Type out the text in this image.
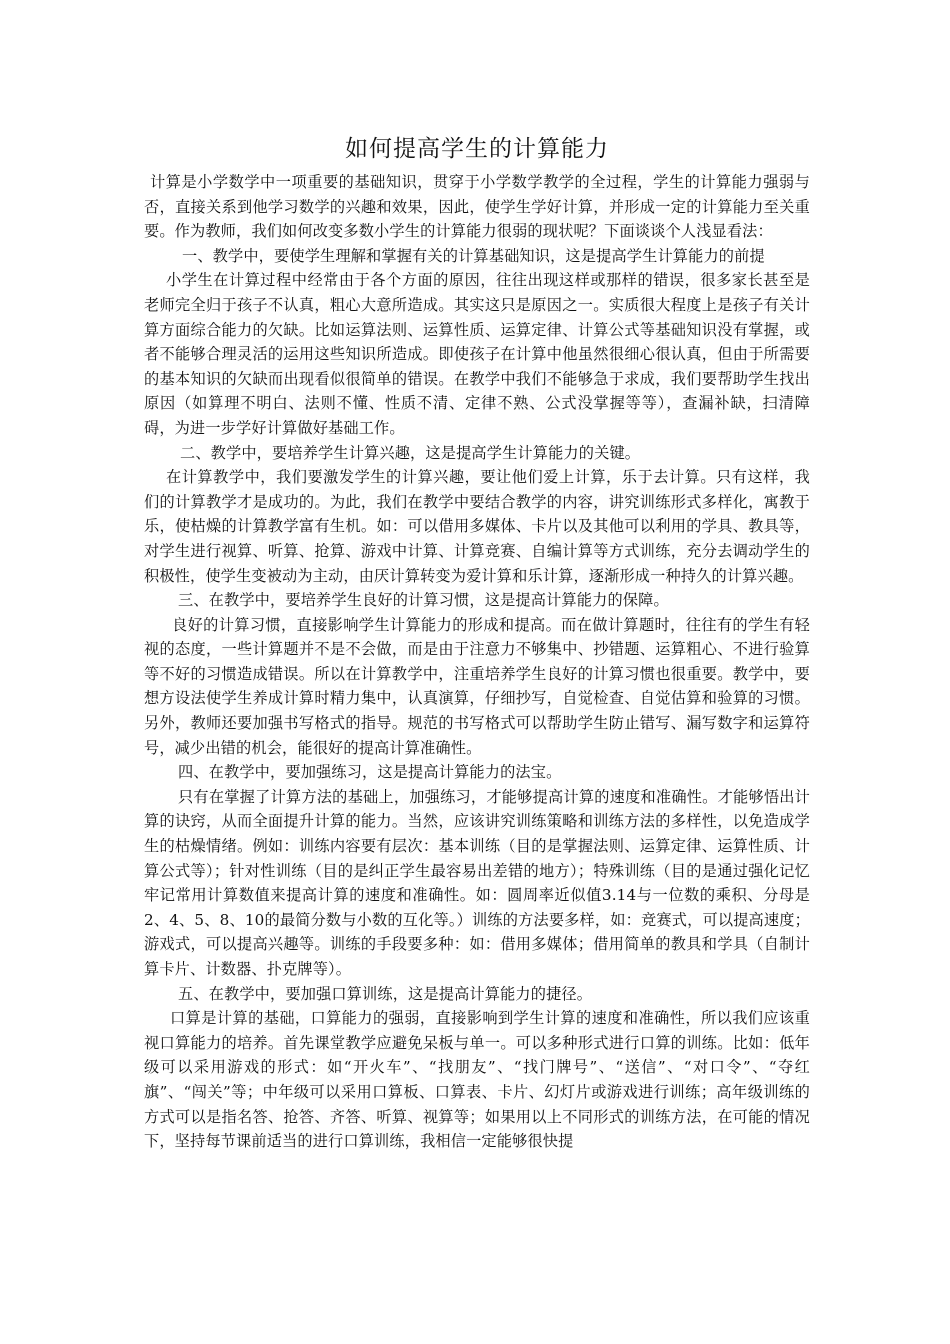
如何提高学生的计算能力

计算是小学数学中一项重要的基础知识，贯穿于小学数学教学的全过程，学生的计算能力强弱与否，直接关系到他学习数学的兴趣和效果，因此，使学生学好计算，并形成一定的计算能力至关重要。作为教师，我们如何改变多数小学生的计算能力很弱的现状呢？下面谈谈个人浅显看法：

一、教学中，要使学生理解和掌握有关的计算基础知识，这是提高学生计算能力的前提

小学生在计算过程中经常由于各个方面的原因，往往出现这样或那样的错误，很多家长甚至是老师完全归于孩子不认真，粗心大意所造成。其实这只是原因之一。实质很大程度上是孩子有关计算方面综合能力的欠缺。比如运算法则、运算性质、运算定律、计算公式等基础知识没有掌握，或者不能够合理灵活的运用这些知识所造成。即使孩子在计算中他虽然很细心很认真，但由于所需要的基本知识的欠缺而出现看似很简单的错误。在教学中我们不能够急于求成，我们要帮助学生找出原因（如算理不明白、法则不懂、性质不清、定律不熟、公式没掌握等等），查漏补缺，扫清障碍，为进一步学好计算做好基础工作。

二、教学中，要培养学生计算兴趣，这是提高学生计算能力的关键。

在计算教学中，我们要激发学生的计算兴趣，要让他们爱上计算，乐于去计算。只有这样，我们的计算教学才是成功的。为此，我们在教学中要结合教学的内容，讲究训练形式多样化，寓教于乐，使枯燥的计算教学富有生机。如：可以借用多媒体、卡片以及其他可以利用的学具、教具等，对学生进行视算、听算、抢算、游戏中计算、计算竞赛、自编计算等方式训练，充分去调动学生的积极性，使学生变被动为主动，由厌计算转变为爱计算和乐计算，逐渐形成一种持久的计算兴趣。

三、在教学中，要培养学生良好的计算习惯，这是提高计算能力的保障。

良好的计算习惯，直接影响学生计算能力的形成和提高。而在做计算题时，往往有的学生有轻视的态度，一些计算题并不是不会做，而是由于注意力不够集中、抄错题、运算粗心、不进行验算等不好的习惯造成错误。所以在计算教学中，注重培养学生良好的计算习惯也很重要。教学中，要想方设法使学生养成计算时精力集中，认真演算，仔细抄写，自觉检查、自觉估算和验算的习惯。另外，教师还要加强书写格式的指导。规范的书写格式可以帮助学生防止错写、漏写数字和运算符号，减少出错的机会，能很好的提高计算准确性。

四、在教学中，要加强练习，这是提高计算能力的法宝。

只有在掌握了计算方法的基础上，加强练习，才能够提高计算的速度和准确性。才能够悟出计算的诀窍，从而全面提升计算的能力。当然，应该讲究训练策略和训练方法的多样性，以免造成学生的枯燥情绪。例如：训练内容要有层次：基本训练（目的是掌握法则、运算定律、运算性质、计算公式等）；针对性训练（目的是纠正学生最容易出差错的地方）；特殊训练（目的是通过强化记忆牢记常用计算数值来提高计算的速度和准确性。如：圆周率近似值3.14与一位数的乘积、分母是2、4、5、8、10的最简分数与小数的互化等。）训练的方法要多样，如：竞赛式，可以提高速度；游戏式，可以提高兴趣等。训练的手段要多种：如：借用多媒体；借用简单的教具和学具（自制计算卡片、计数器、扑克牌等）。

五、在教学中，要加强口算训练，这是提高计算能力的捷径。

口算是计算的基础，口算能力的强弱，直接影响到学生计算的速度和准确性，所以我们应该重视口算能力的培养。首先课堂教学应避免呆板与单一。可以多种形式进行口算的训练。比如：低年级可以采用游戏的形式：如“开火车”、“找朋友”、“找门牌号”、“送信”、“对口令”、“夺红旗”、“闯关”等；中年级可以采用口算板、口算表、卡片、幻灯片或游戏进行训练；高年级训练的方式可以是指名答、抢答、齐答、听算、视算等；如果用以上不同形式的训练方法，在可能的情况下，坚持每节课前适当的进行口算训练，我相信一定能够很快提
